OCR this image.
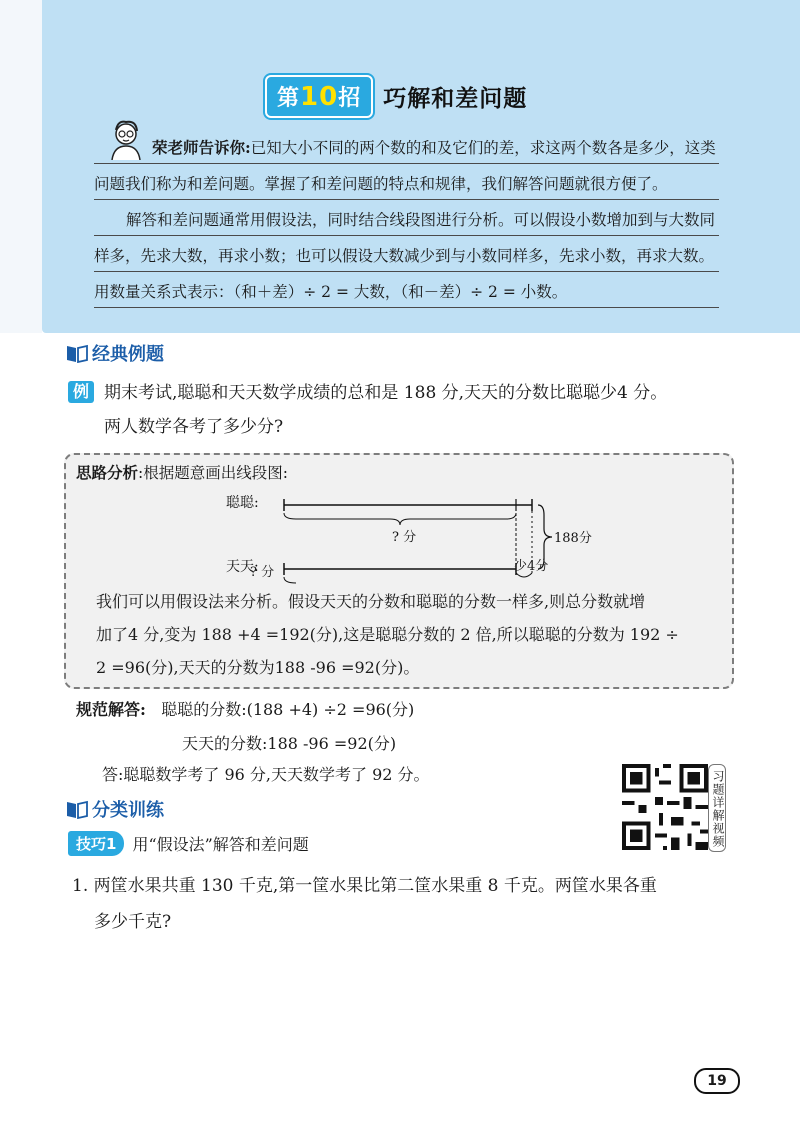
第10招 巧解和差问题

荣老师告诉你:已知大小不同的两个数的和及它们的差，求这两个数各是多少，这类问题我们称为和差问题。掌握了和差问题的特点和规律，我们解答问题就很方便了。

解答和差问题通常用假设法，同时结合线段图进行分析。可以假设小数增加到与大数同样多，先求大数，再求小数；也可以假设大数减少到与小数同样多，先求小数，再求大数。用数量关系式表示：（和＋差）÷ 2 = 大数，（和－差）÷ 2 = 小数。

经典例题
例 期末考试,聪聪和天天数学成绩的总和是 188 分,天天的分数比聪聪少4 分。

两人数学各考了多少分?

思路分析:根据题意画出线段图:
聪聪:
? 分
天天:
188分
? 分	少4分

我们可以用假设法来分析。假设天天的分数和聪聪的分数一样多,则总分数就增

加了4 分,变为 188 +4 =192(分),这是聪聪分数的 2 倍,所以聪聪的分数为 192 ÷

2 =96(分),天天的分数为188 -96 =92(分)。

规范解答: 聪聪的分数:(188 +4) ÷2 =96(分)
天天的分数:188 -96 =92(分)
答:聪聪数学考了 96 分,天天数学考了 92 分。	习题详解视频
分类训练
技巧1	用“假设法”解答和差问题

1. 两筐水果共重 130 千克,第一筐水果比第二筐水果重 8 千克。两筐水果各重

多少千克?

19
